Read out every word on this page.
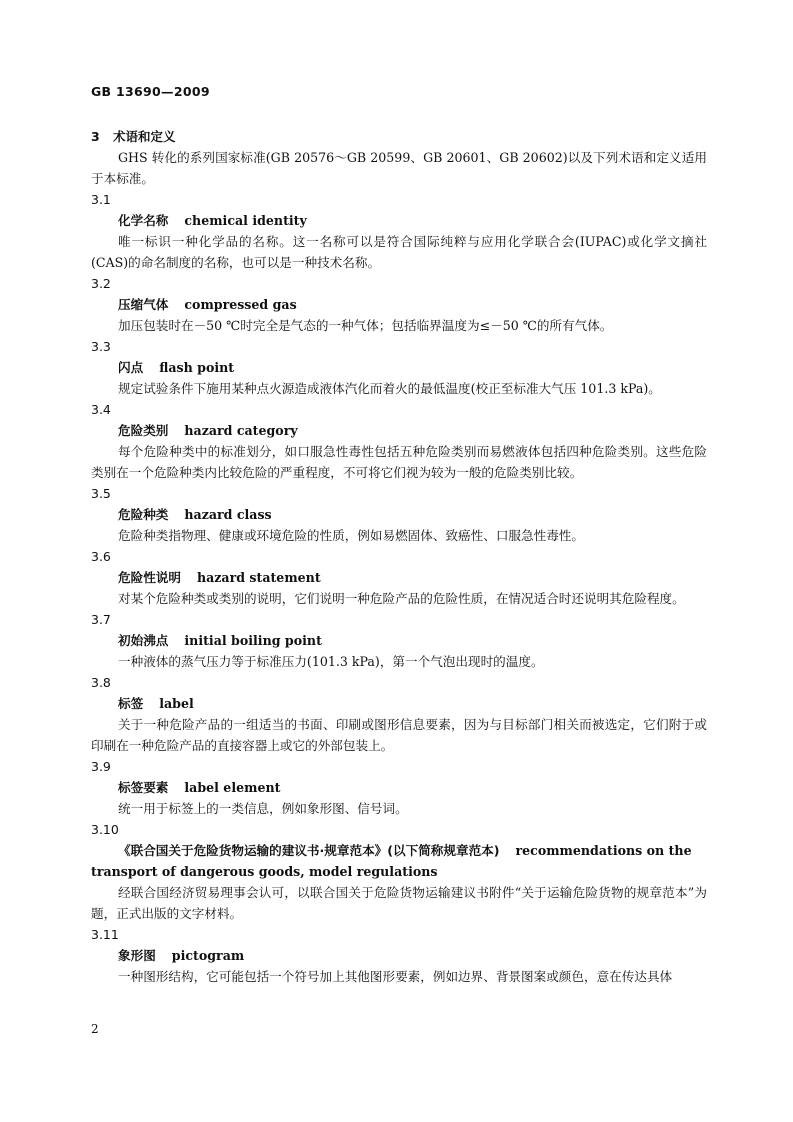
GB 13690—2009
3 术语和定义
GHS 转化的系列国家标准(GB 20576～GB 20599、GB 20601、GB 20602)以及下列术语和定义适用于本标准。
3.1
化学名称 chemical identity
唯一标识一种化学品的名称。这一名称可以是符合国际纯粹与应用化学联合会(IUPAC)或化学文摘社(CAS)的命名制度的名称，也可以是一种技术名称。
3.2
压缩气体 compressed gas
加压包装时在－50 ℃时完全是气态的一种气体；包括临界温度为≤－50 ℃的所有气体。
3.3
闪点 flash point
规定试验条件下施用某种点火源造成液体汽化而着火的最低温度(校正至标准大气压 101.3 kPa)。
3.4
危险类别 hazard category
每个危险种类中的标准划分，如口服急性毒性包括五种危险类别而易燃液体包括四种危险类别。这些危险类别在一个危险种类内比较危险的严重程度，不可将它们视为较为一般的危险类别比较。
3.5
危险种类 hazard class
危险种类指物理、健康或环境危险的性质，例如易燃固体、致癌性、口服急性毒性。
3.6
危险性说明 hazard statement
对某个危险种类或类别的说明，它们说明一种危险产品的危险性质，在情况适合时还说明其危险程度。
3.7
初始沸点 initial boiling point
一种液体的蒸气压力等于标准压力(101.3 kPa)，第一个气泡出现时的温度。
3.8
标签 label
关于一种危险产品的一组适当的书面、印刷或图形信息要素，因为与目标部门相关而被选定，它们附于或印刷在一种危险产品的直接容器上或它的外部包装上。
3.9
标签要素 label element
统一用于标签上的一类信息，例如象形图、信号词。
3.10
《联合国关于危险货物运输的建议书·规章范本》(以下简称规章范本) recommendations on the transport of dangerous goods, model regulations
经联合国经济贸易理事会认可，以联合国关于危险货物运输建议书附件“关于运输危险货物的规章范本”为题，正式出版的文字材料。
3.11
象形图 pictogram
一种图形结构，它可能包括一个符号加上其他图形要素，例如边界、背景图案或颜色，意在传达具体
2
